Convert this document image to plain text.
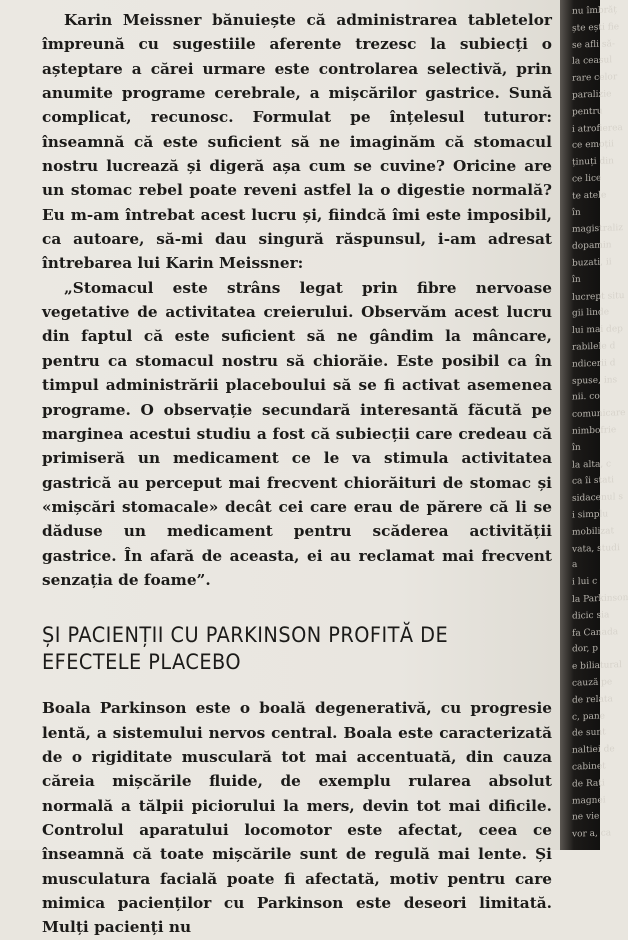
Karin Meissner bănuiește că administrarea tabletelor împreună cu sugestiile aferente trezesc la subiecți o așteptare a cărei urmare este controlarea selectivă, prin anumite programe cerebrale, a mișcărilor gastrice. Sună complicat, recunosc. Formulat pe înțelesul tuturor: înseamnă că este suficient să ne imaginăm că stomacul nostru lucrează și digeră așa cum se cuvine? Oricine are un stomac rebel poate reveni astfel la o digestie normală? Eu m-am întrebat acest lucru și, fiindcă îmi este imposibil, ca autoare, să-mi dau singură răspunsul, i-am adresat întrebarea lui Karin Meissner:

„Stomacul este strâns legat prin fibre nervoase vegetative de activitatea creierului. Observăm acest lucru din faptul că este suficient să ne gândim la mâncare, pentru ca stomacul nostru să chiorăie. Este posibil ca în timpul administrării placeboului să se fi activat asemenea programe. O observație secundară interesantă făcută pe marginea acestui studiu a fost că subiecții care credeau că primiseră un medicament ce le va stimula activitatea gastrică au perceput mai frecvent chiorăituri de stomac și «mișcări stomacale» decât cei care erau de părere că li se dăduse un medicament pentru scăderea activității gastrice. În afară de aceasta, ei au reclamat mai frecvent senzația de foame”.

ȘI PACIENȚII CU PARKINSON PROFITĂ DE EFECTELE PLACEBO

Boala Parkinson este o boală degenerativă, cu progresie lentă, a sistemului nervos central. Boala este caracterizată de o rigiditate musculară tot mai accentuată, din cauza căreia mișcările fluide, de exemplu rularea absolut normală a tălpii piciorului la mers, devin tot mai dificile. Controlul aparatului locomotor este afectat, ceea ce înseamnă că toate mișcările sunt de regulă mai lente. Și musculatura facială poate fi afectată, motiv pentru care mimica pacienților cu Parkinson este deseori limitată. Mulți pacienți nu

nu îmbrăț
ște ești fie
se afli să-
la ceasul
rare celor
paralizie
pentru
i atrofierea
ce emoții
ținuți din
ce lice
te atele
în
magistraliz
dopamin
buzati, ii
în
lucrept situ
gii linde
lui mai dep
rabilele d
ndicerii d
spuse, ins
nii. co
comunicare
nimbofrie
în
la alta, c
ca îi stati
sidacenul s
i simplu
mobilizat
vata, studi
a
i lui c
la Parkinson
dicic sia
fa Canada
dor, p
e biliatural
cauză pe
de relata
c, pane
de sunt
naltiei de
cabinet
de Rați
magnei
ne vie
vor a, ca
